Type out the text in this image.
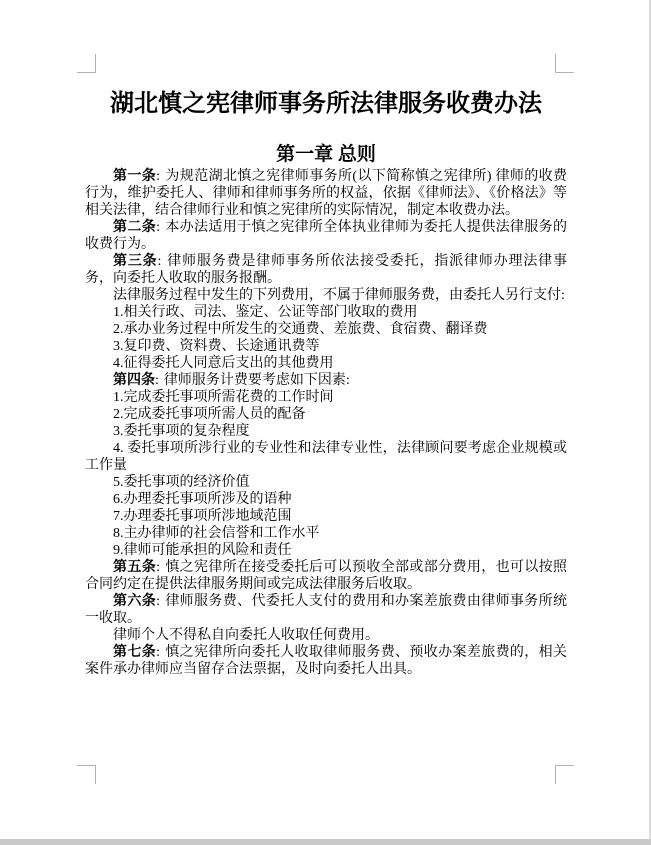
湖北慎之宪律师事务所法律服务收费办法
第一章 总则

第一条: 为规范湖北慎之宪律师事务所(以下简称慎之宪律所) 律师的收费行为，维护委托人、律师和律师事务所的权益，依据《律师法》、《价格法》等相关法律，结合律师行业和慎之宪律所的实际情况，制定本收费办法。

第二条: 本办法适用于慎之宪律所全体执业律师为委托人提供法律服务的收费行为。

第三条: 律师服务费是律师事务所依法接受委托，指派律师办理法律事务，向委托人收取的服务报酬。

法律服务过程中发生的下列费用，不属于律师服务费，由委托人另行支付:

1.相关行政、司法、鉴定、公证等部门收取的费用

2.承办业务过程中所发生的交通费、差旅费、食宿费、翻译费

3.复印费、资料费、长途通讯费等

4.征得委托人同意后支出的其他费用

第四条: 律师服务计费要考虑如下因素:

1.完成委托事项所需花费的工作时间

2.完成委托事项所需人员的配备

3.委托事项的复杂程度

4. 委托事项所涉行业的专业性和法律专业性，法律顾问要考虑企业规模或工作量

5.委托事项的经济价值

6.办理委托事项所涉及的语种

7.办理委托事项所涉地域范围

8.主办律师的社会信誉和工作水平

9.律师可能承担的风险和责任

第五条: 慎之宪律所在接受委托后可以预收全部或部分费用，也可以按照合同约定在提供法律服务期间或完成法律服务后收取。

第六条: 律师服务费、代委托人支付的费用和办案差旅费由律师事务所统一收取。

律师个人不得私自向委托人收取任何费用。

第七条: 慎之宪律所向委托人收取律师服务费、预收办案差旅费的，相关案件承办律师应当留存合法票据，及时向委托人出具。
